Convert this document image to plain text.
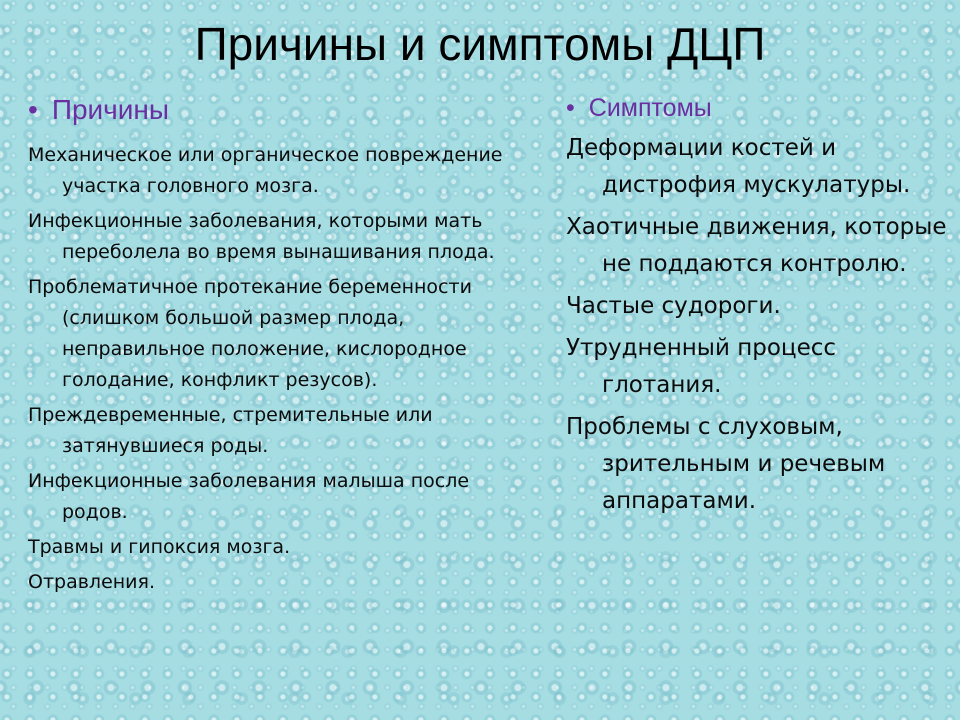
Причины и симптомы ДЦП
• Причины
Механическое или органическое повреждение участка головного мозга.
Инфекционные заболевания, которыми мать переболела во время вынашивания плода.
Проблематичное протекание беременности (слишком большой размер плода, неправильное положение, кислородное голодание, конфликт резусов).
Преждевременные, стремительные или затянувшиеся роды.
Инфекционные заболевания малыша после родов.
Травмы и гипоксия мозга.
Отравления.
• Симптомы
Деформации костей и дистрофия мускулатуры.
Хаотичные движения, которые не поддаются контролю.
Частые судороги.
Утрудненный процесс глотания.
Проблемы с слуховым, зрительным и речевым аппаратами.
